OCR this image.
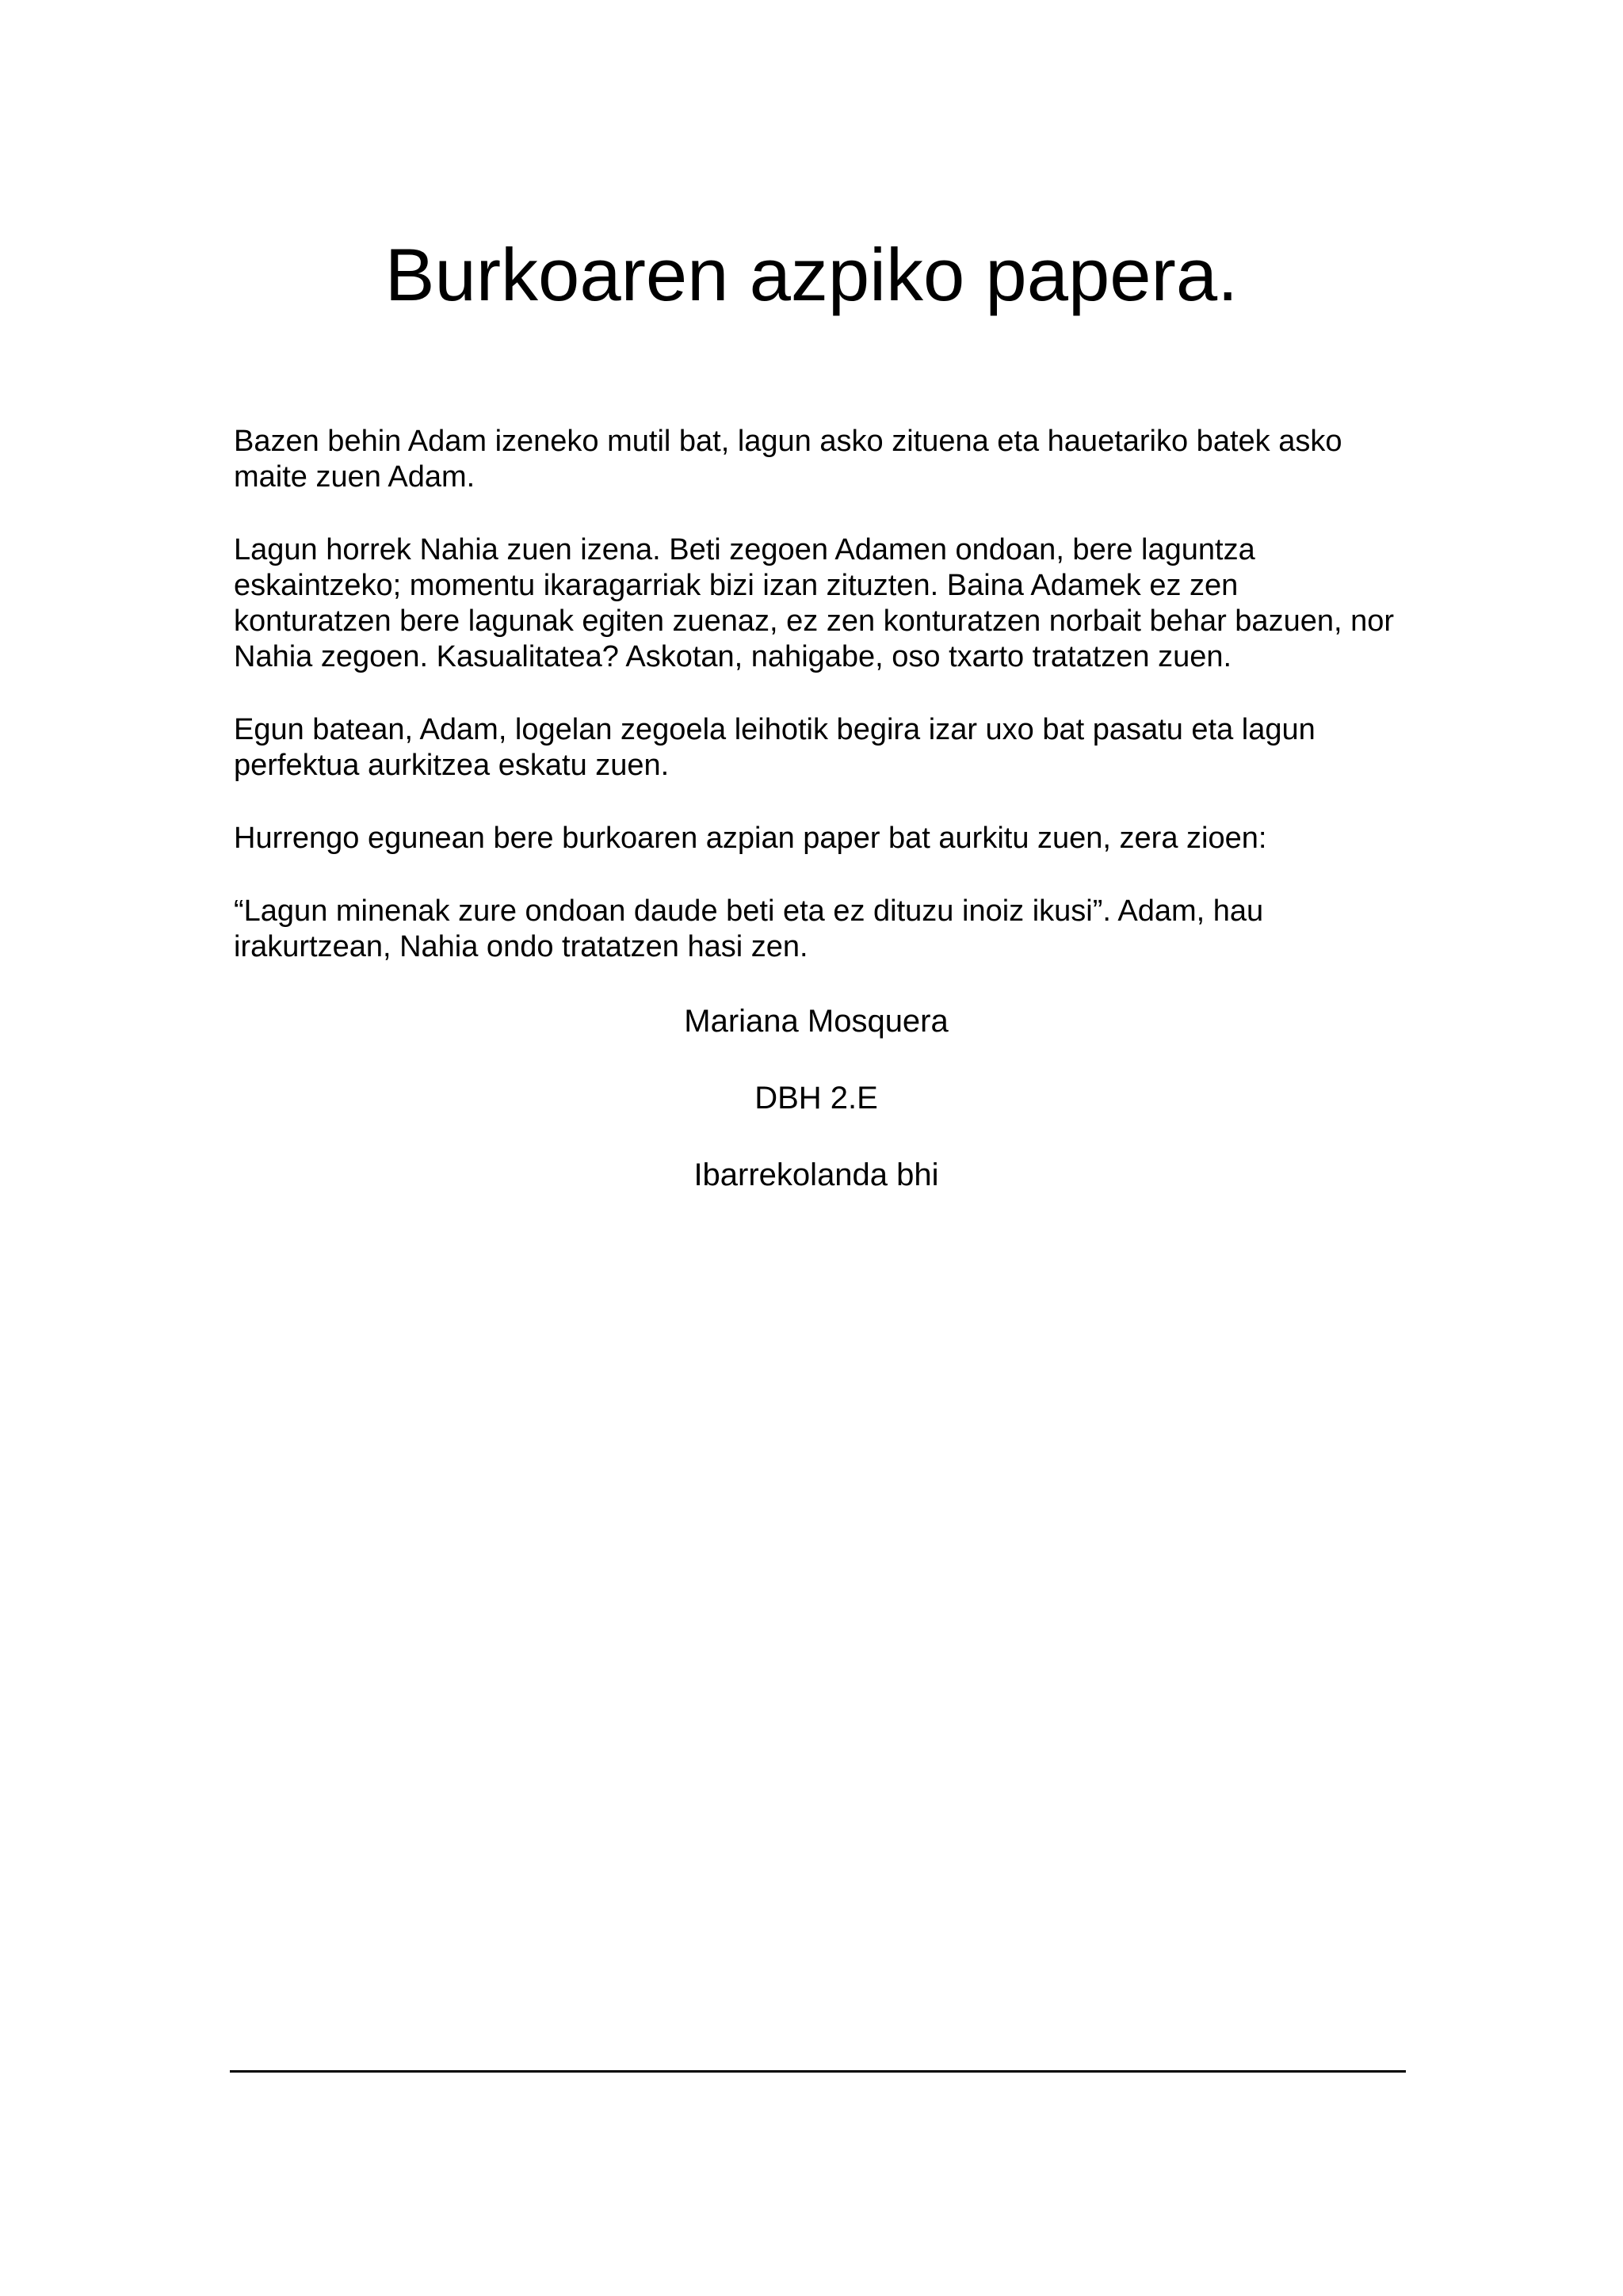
Burkoaren azpiko papera.

Bazen behin Adam izeneko mutil bat, lagun asko zituena eta hauetariko batek asko
maite zuen Adam.

Lagun horrek Nahia zuen izena. Beti zegoen Adamen ondoan, bere laguntza
eskaintzeko; momentu ikaragarriak bizi izan zituzten. Baina Adamek ez zen
konturatzen bere lagunak egiten zuenaz, ez zen konturatzen norbait behar bazuen, nor
Nahia zegoen. Kasualitatea? Askotan, nahigabe, oso txarto tratatzen zuen.

Egun batean, Adam, logelan zegoela leihotik begira izar uxo bat pasatu eta lagun
perfektua aurkitzea eskatu zuen.

Hurrengo egunean bere burkoaren azpian paper bat aurkitu zuen, zera zioen:

“Lagun minenak zure ondoan daude beti eta ez dituzu inoiz ikusi”. Adam, hau
irakurtzean, Nahia ondo tratatzen hasi zen.

Mariana Mosquera
DBH 2.E
Ibarrekolanda bhi
